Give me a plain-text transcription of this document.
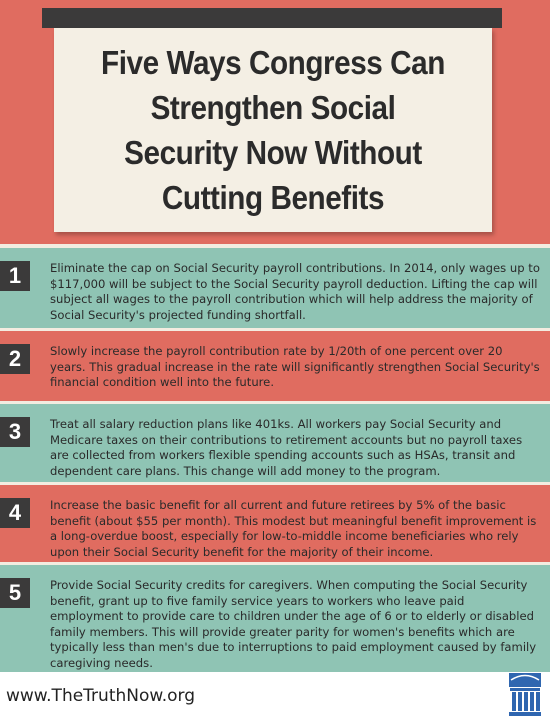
Five Ways Congress Can Strengthen Social Security Now Without Cutting Benefits
1	Eliminate the cap on Social Security payroll contributions. In 2014, only wages up to $117,000 will be subject to the Social Security payroll deduction. Lifting the cap will subject all wages to the payroll contribution which will help address the majority of Social Security's projected funding shortfall.

2	Slowly increase the payroll contribution rate by 1/20th of one percent over 20 years. This gradual increase in the rate will significantly strengthen Social Security's financial condition well into the future.

3	Treat all salary reduction plans like 401ks. All workers pay Social Security and Medicare taxes on their contributions to retirement accounts but no payroll taxes are collected from workers flexible spending accounts such as HSAs, transit and dependent care plans. This change will add money to the program.

4	Increase the basic benefit for all current and future retirees by 5% of the basic benefit (about $55 per month). This modest but meaningful benefit improvement is a long-overdue boost, especially for low-to-middle income beneficiaries who rely upon their Social Security benefit for the majority of their income.

5	Provide Social Security credits for caregivers. When computing the Social Security benefit, grant up to five family service years to workers who leave paid employment to provide care to children under the age of 6 or to elderly or disabled family members. This will provide greater parity for women's benefits which are typically less than men's due to interruptions to paid employment caused by family caregiving needs.

www.TheTruthNow.org
